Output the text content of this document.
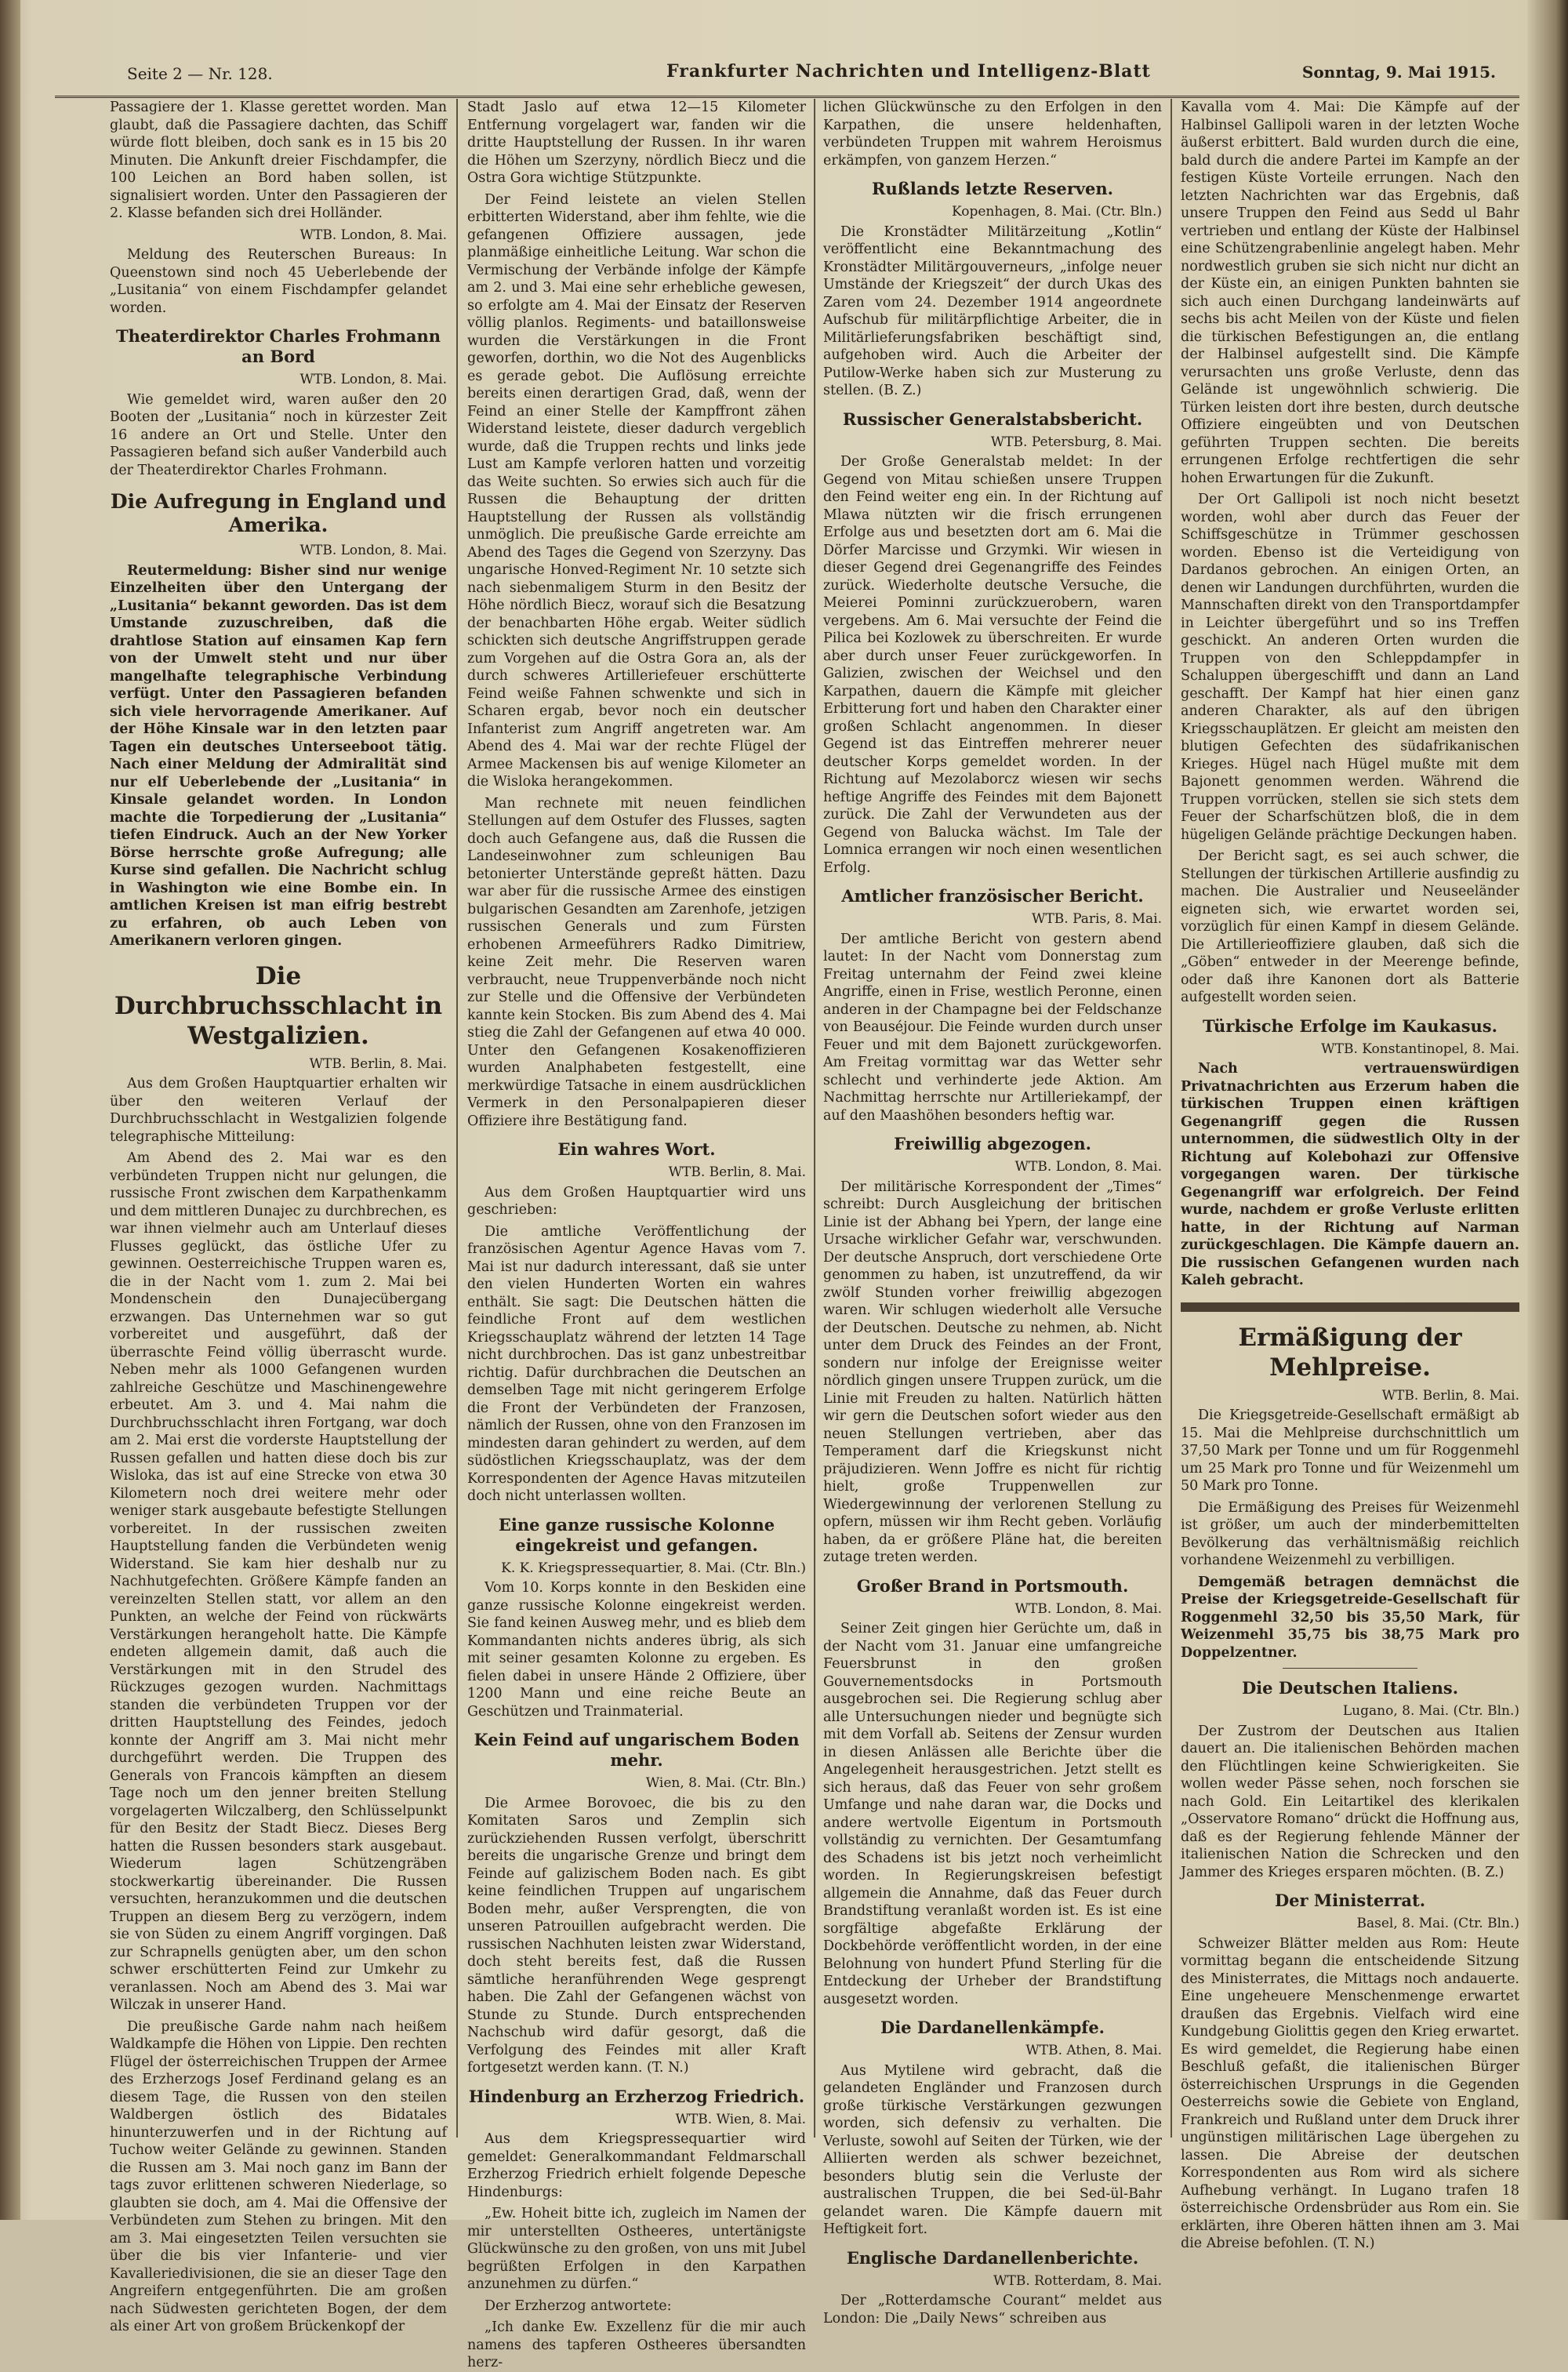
Seite 2 — Nr. 128.	Frankfurter Nachrichten und Intelligenz-Blatt	Sonntag, 9. Mai 1915.

Passagiere der 1. Klasse gerettet worden. Man glaubt, daß die Passagiere dachten, das Schiff würde flott bleiben, doch sank es in 15 bis 20 Minuten. Die Ankunft dreier Fischdampfer, die 100 Leichen an Bord haben sollen, ist signalisiert worden. Unter den Passagieren der 2. Klasse befanden sich drei Holländer.

WTB. London, 8. Mai.

Meldung des Reuterschen Bureaus: In Queenstown sind noch 45 Ueberlebende der „Lusitania“ von einem Fischdampfer gelandet worden.

Theaterdirektor Charles Frohmann an Bord
WTB. London, 8. Mai.

Wie gemeldet wird, waren außer den 20 Booten der „Lusitania“ noch in kürzester Zeit 16 andere an Ort und Stelle. Unter den Passagieren befand sich außer Vanderbild auch der Theaterdirektor Charles Frohmann.

Die Aufregung in England und Amerika.
WTB. London, 8. Mai.

Reutermeldung: Bisher sind nur wenige Einzelheiten über den Untergang der „Lusitania“ bekannt geworden. Das ist dem Umstande zuzuschreiben, daß die drahtlose Station auf einsamen Kap fern von der Umwelt steht und nur über mangelhafte telegraphische Verbindung verfügt. Unter den Passagieren befanden sich viele hervorragende Amerikaner. Auf der Höhe Kinsale war in den letzten paar Tagen ein deutsches Unterseeboot tätig. Nach einer Meldung der Admiralität sind nur elf Ueberlebende der „Lusitania“ in Kinsale gelandet worden. In London machte die Torpedierung der „Lusitania“ tiefen Eindruck. Auch an der New Yorker Börse herrschte große Aufregung; alle Kurse sind gefallen. Die Nachricht schlug in Washington wie eine Bombe ein. In amtlichen Kreisen ist man eifrig bestrebt zu erfahren, ob auch Leben von Amerikanern verloren gingen.

Die Durchbruchsschlacht in Westgalizien.
WTB. Berlin, 8. Mai.

Aus dem Großen Hauptquartier erhalten wir über den weiteren Verlauf der Durchbruchsschlacht in Westgalizien folgende telegraphische Mitteilung:

Am Abend des 2. Mai war es den verbündeten Truppen nicht nur gelungen, die russische Front zwischen dem Karpathenkamm und dem mittleren Dunajec zu durchbrechen, es war ihnen vielmehr auch am Unterlauf dieses Flusses geglückt, das östliche Ufer zu gewinnen. Oesterreichische Truppen waren es, die in der Nacht vom 1. zum 2. Mai bei Mondenschein den Dunajecübergang erzwangen. Das Unternehmen war so gut vorbereitet und ausgeführt, daß der überraschte Feind völlig überrascht wurde. Neben mehr als 1000 Gefangenen wurden zahlreiche Geschütze und Maschinengewehre erbeutet. Am 3. und 4. Mai nahm die Durchbruchsschlacht ihren Fortgang, war doch am 2. Mai erst die vorderste Hauptstellung der Russen gefallen und hatten diese doch bis zur Wisloka, das ist auf eine Strecke von etwa 30 Kilometern noch drei weitere mehr oder weniger stark ausgebaute befestigte Stellungen vorbereitet. In der russischen zweiten Hauptstellung fanden die Verbündeten wenig Widerstand. Sie kam hier deshalb nur zu Nachhutgefechten. Größere Kämpfe fanden an vereinzelten Stellen statt, vor allem an den Punkten, an welche der Feind von rückwärts Verstärkungen herangeholt hatte. Die Kämpfe endeten allgemein damit, daß auch die Verstärkungen mit in den Strudel des Rückzuges gezogen wurden. Nachmittags standen die verbündeten Truppen vor der dritten Hauptstellung des Feindes, jedoch konnte der Angriff am 3. Mai nicht mehr durchgeführt werden. Die Truppen des Generals von Francois kämpften an diesem Tage noch um den jenner breiten Stellung vorgelagerten Wilczalberg, den Schlüsselpunkt für den Besitz der Stadt Biecz. Dieses Berg hatten die Russen besonders stark ausgebaut. Wiederum lagen Schützengräben stockwerkartig übereinander. Die Russen versuchten, heranzukommen und die deutschen Truppen an diesem Berg zu verzögern, indem sie von Süden zu einem Angriff vorgingen. Daß zur Schrapnells genügten aber, um den schon schwer erschütterten Feind zur Umkehr zu veranlassen. Noch am Abend des 3. Mai war Wilczak in unserer Hand.

Die preußische Garde nahm nach heißem Waldkampfe die Höhen von Lippie. Den rechten Flügel der österreichischen Truppen der Armee des Erzherzogs Josef Ferdinand gelang es an diesem Tage, die Russen von den steilen Waldbergen östlich des Bidatales hinunterzuwerfen und in der Richtung auf Tuchow weiter Gelände zu gewinnen. Standen die Russen am 3. Mai noch ganz im Bann der tags zuvor erlittenen schweren Niederlage, so glaubten sie doch, am 4. Mai die Offensive der Verbündeten zum Stehen zu bringen. Mit den am 3. Mai eingesetzten Teilen versuchten sie über die bis vier Infanterie- und vier Kavalleriedivisionen, die sie an dieser Tage den Angreifern entgegenführten. Die am großen nach Südwesten gerichteten Bogen, der dem als einer Art von großem Brückenkopf der

Stadt Jaslo auf etwa 12—15 Kilometer Entfernung vorgelagert war, fanden wir die dritte Hauptstellung der Russen. In ihr waren die Höhen um Szerzyny, nördlich Biecz und die Ostra Gora wichtige Stützpunkte.

Der Feind leistete an vielen Stellen erbitterten Widerstand, aber ihm fehlte, wie die gefangenen Offiziere aussagen, jede planmäßige einheitliche Leitung. War schon die Vermischung der Verbände infolge der Kämpfe am 2. und 3. Mai eine sehr erhebliche gewesen, so erfolgte am 4. Mai der Einsatz der Reserven völlig planlos. Regiments- und bataillonsweise wurden die Verstärkungen in die Front geworfen, dorthin, wo die Not des Augenblicks es gerade gebot. Die Auflösung erreichte bereits einen derartigen Grad, daß, wenn der Feind an einer Stelle der Kampffront zähen Widerstand leistete, dieser dadurch vergeblich wurde, daß die Truppen rechts und links jede Lust am Kampfe verloren hatten und vorzeitig das Weite suchten. So erwies sich auch für die Russen die Behauptung der dritten Hauptstellung der Russen als vollständig unmöglich. Die preußische Garde erreichte am Abend des Tages die Gegend von Szerzyny. Das ungarische Honved-Regiment Nr. 10 setzte sich nach siebenmaligem Sturm in den Besitz der Höhe nördlich Biecz, worauf sich die Besatzung der benachbarten Höhe ergab. Weiter südlich schickten sich deutsche Angriffstruppen gerade zum Vorgehen auf die Ostra Gora an, als der durch schweres Artilleriefeuer erschütterte Feind weiße Fahnen schwenkte und sich in Scharen ergab, bevor noch ein deutscher Infanterist zum Angriff angetreten war. Am Abend des 4. Mai war der rechte Flügel der Armee Mackensen bis auf wenige Kilometer an die Wisloka herangekommen.

Man rechnete mit neuen feindlichen Stellungen auf dem Ostufer des Flusses, sagten doch auch Gefangene aus, daß die Russen die Landeseinwohner zum schleunigen Bau betonierter Unterstände gepreßt hätten. Dazu war aber für die russische Armee des einstigen bulgarischen Gesandten am Zarenhofe, jetzigen russischen Generals und zum Fürsten erhobenen Armeeführers Radko Dimitriew, keine Zeit mehr. Die Reserven waren verbraucht, neue Truppenverbände noch nicht zur Stelle und die Offensive der Verbündeten kannte kein Stocken. Bis zum Abend des 4. Mai stieg die Zahl der Gefangenen auf etwa 40 000. Unter den Gefangenen Kosakenoffizieren wurden Analphabeten festgestellt, eine merkwürdige Tatsache in einem ausdrücklichen Vermerk in den Personalpapieren dieser Offiziere ihre Bestätigung fand.

Ein wahres Wort.
WTB. Berlin, 8. Mai.

Aus dem Großen Hauptquartier wird uns geschrieben:

Die amtliche Veröffentlichung der französischen Agentur Agence Havas vom 7. Mai ist nur dadurch interessant, daß sie unter den vielen Hunderten Worten ein wahres enthält. Sie sagt: Die Deutschen hätten die feindliche Front auf dem westlichen Kriegsschauplatz während der letzten 14 Tage nicht durchbrochen. Das ist ganz unbestreitbar richtig. Dafür durchbrachen die Deutschen an demselben Tage mit nicht geringerem Erfolge die Front der Verbündeten der Franzosen, nämlich der Russen, ohne von den Franzosen im mindesten daran gehindert zu werden, auf dem südöstlichen Kriegsschauplatz, was der dem Korrespondenten der Agence Havas mitzuteilen doch nicht unterlassen wollten.

Eine ganze russische Kolonne eingekreist und gefangen.
K. K. Kriegspressequartier, 8. Mai. (Ctr. Bln.)

Vom 10. Korps konnte in den Beskiden eine ganze russische Kolonne eingekreist werden. Sie fand keinen Ausweg mehr, und es blieb dem Kommandanten nichts anderes übrig, als sich mit seiner gesamten Kolonne zu ergeben. Es fielen dabei in unsere Hände 2 Offiziere, über 1200 Mann und eine reiche Beute an Geschützen und Trainmaterial.

Kein Feind auf ungarischem Boden mehr.
Wien, 8. Mai. (Ctr. Bln.)

Die Armee Borovoec, die bis zu den Komitaten Saros und Zemplin sich zurückziehenden Russen verfolgt, überschritt bereits die ungarische Grenze und bringt dem Feinde auf galizischem Boden nach. Es gibt keine feindlichen Truppen auf ungarischem Boden mehr, außer Versprengten, die von unseren Patrouillen aufgebracht werden. Die russischen Nachhuten leisten zwar Widerstand, doch steht bereits fest, daß die Russen sämtliche heranführenden Wege gesprengt haben. Die Zahl der Gefangenen wächst von Stunde zu Stunde. Durch entsprechenden Nachschub wird dafür gesorgt, daß die Verfolgung des Feindes mit aller Kraft fortgesetzt werden kann. (T. N.)

Hindenburg an Erzherzog Friedrich.
WTB. Wien, 8. Mai.

Aus dem Kriegspressequartier wird gemeldet: Generalkommandant Feldmarschall Erzherzog Friedrich erhielt folgende Depesche Hindenburgs:

„Ew. Hoheit bitte ich, zugleich im Namen der mir unterstellten Ostheeres, untertänigste Glückwünsche zu den großen, von uns mit Jubel begrüßten Erfolgen in den Karpathen anzunehmen zu dürfen.“

Der Erzherzog antwortete:

„Ich danke Ew. Exzellenz für die mir auch namens des tapferen Ostheeres übersandten herz-

lichen Glückwünsche zu den Erfolgen in den Karpathen, die unsere heldenhaften, verbündeten Truppen mit wahrem Heroismus erkämpfen, von ganzem Herzen.“

Rußlands letzte Reserven.
Kopenhagen, 8. Mai. (Ctr. Bln.)

Die Kronstädter Militärzeitung „Kotlin“ veröffentlicht eine Bekanntmachung des Kronstädter Militärgouverneurs, „infolge neuer Umstände der Kriegszeit“ der durch Ukas des Zaren vom 24. Dezember 1914 angeordnete Aufschub für militärpflichtige Arbeiter, die in Militärlieferungsfabriken beschäftigt sind, aufgehoben wird. Auch die Arbeiter der Putilow-Werke haben sich zur Musterung zu stellen. (B. Z.)

Russischer Generalstabsbericht.
WTB. Petersburg, 8. Mai.

Der Große Generalstab meldet: In der Gegend von Mitau schießen unsere Truppen den Feind weiter eng ein. In der Richtung auf Mlawa nützten wir die frisch errungenen Erfolge aus und besetzten dort am 6. Mai die Dörfer Marcisse und Grzymki. Wir wiesen in dieser Gegend drei Gegenangriffe des Feindes zurück. Wiederholte deutsche Versuche, die Meierei Pominni zurückzuerobern, waren vergebens. Am 6. Mai versuchte der Feind die Pilica bei Kozlowek zu überschreiten. Er wurde aber durch unser Feuer zurückgeworfen. In Galizien, zwischen der Weichsel und den Karpathen, dauern die Kämpfe mit gleicher Erbitterung fort und haben den Charakter einer großen Schlacht angenommen. In dieser Gegend ist das Eintreffen mehrerer neuer deutscher Korps gemeldet worden. In der Richtung auf Mezolaborcz wiesen wir sechs heftige Angriffe des Feindes mit dem Bajonett zurück. Die Zahl der Verwundeten aus der Gegend von Balucka wächst. Im Tale der Lomnica errangen wir noch einen wesentlichen Erfolg.

Amtlicher französischer Bericht.
WTB. Paris, 8. Mai.

Der amtliche Bericht von gestern abend lautet: In der Nacht vom Donnerstag zum Freitag unternahm der Feind zwei kleine Angriffe, einen in Frise, westlich Peronne, einen anderen in der Champagne bei der Feldschanze von Beauséjour. Die Feinde wurden durch unser Feuer und mit dem Bajonett zurückgeworfen. Am Freitag vormittag war das Wetter sehr schlecht und verhinderte jede Aktion. Am Nachmittag herrschte nur Artilleriekampf, der auf den Maashöhen besonders heftig war.

Freiwillig abgezogen.
WTB. London, 8. Mai.

Der militärische Korrespondent der „Times“ schreibt: Durch Ausgleichung der britischen Linie ist der Abhang bei Ypern, der lange eine Ursache wirklicher Gefahr war, verschwunden. Der deutsche Anspruch, dort verschiedene Orte genommen zu haben, ist unzutreffend, da wir zwölf Stunden vorher freiwillig abgezogen waren. Wir schlugen wiederholt alle Versuche der Deutschen. Deutsche zu nehmen, ab. Nicht unter dem Druck des Feindes an der Front, sondern nur infolge der Ereignisse weiter nördlich gingen unsere Truppen zurück, um die Linie mit Freuden zu halten. Natürlich hätten wir gern die Deutschen sofort wieder aus den neuen Stellungen vertrieben, aber das Temperament darf die Kriegskunst nicht präjudizieren. Wenn Joffre es nicht für richtig hielt, große Truppenwellen zur Wiedergewinnung der verlorenen Stellung zu opfern, müssen wir ihm Recht geben. Vorläufig haben, da er größere Pläne hat, die bereiten zutage treten werden.

Großer Brand in Portsmouth.
WTB. London, 8. Mai.

Seiner Zeit gingen hier Gerüchte um, daß in der Nacht vom 31. Januar eine umfangreiche Feuersbrunst in den großen Gouvernementsdocks in Portsmouth ausgebrochen sei. Die Regierung schlug aber alle Untersuchungen nieder und begnügte sich mit dem Vorfall ab. Seitens der Zensur wurden in diesen Anlässen alle Berichte über die Angelegenheit herausgestrichen. Jetzt stellt es sich heraus, daß das Feuer von sehr großem Umfange und nahe daran war, die Docks und andere wertvolle Eigentum in Portsmouth vollständig zu vernichten. Der Gesamtumfang des Schadens ist bis jetzt noch verheimlicht worden. In Regierungskreisen befestigt allgemein die Annahme, daß das Feuer durch Brandstiftung veranlaßt worden ist. Es ist eine sorgfältige abgefaßte Erklärung der Dockbehörde veröffentlicht worden, in der eine Belohnung von hundert Pfund Sterling für die Entdeckung der Urheber der Brandstiftung ausgesetzt worden.

Die Dardanellenkämpfe.
WTB. Athen, 8. Mai.

Aus Mytilene wird gebracht, daß die gelandeten Engländer und Franzosen durch große türkische Verstärkungen gezwungen worden, sich defensiv zu verhalten. Die Verluste, sowohl auf Seiten der Türken, wie der Alliierten werden als schwer bezeichnet, besonders blutig sein die Verluste der australischen Truppen, die bei Sed-ül-Bahr gelandet waren. Die Kämpfe dauern mit Heftigkeit fort.

Englische Dardanellenberichte.
WTB. Rotterdam, 8. Mai.

Der „Rotterdamsche Courant“ meldet aus London: Die „Daily News“ schreiben aus

Kavalla vom 4. Mai: Die Kämpfe auf der Halbinsel Gallipoli waren in der letzten Woche äußerst erbittert. Bald wurden durch die eine, bald durch die andere Partei im Kampfe an der festigen Küste Vorteile errungen. Nach den letzten Nachrichten war das Ergebnis, daß unsere Truppen den Feind aus Sedd ul Bahr vertrieben und entlang der Küste der Halbinsel eine Schützengrabenlinie angelegt haben. Mehr nordwestlich gruben sie sich nicht nur dicht an der Küste ein, an einigen Punkten bahnten sie sich auch einen Durchgang landeinwärts auf sechs bis acht Meilen von der Küste und fielen die türkischen Befestigungen an, die entlang der Halbinsel aufgestellt sind. Die Kämpfe verursachten uns große Verluste, denn das Gelände ist ungewöhnlich schwierig. Die Türken leisten dort ihre besten, durch deutsche Offiziere eingeübten und von Deutschen geführten Truppen sechten. Die bereits errungenen Erfolge rechtfertigen die sehr hohen Erwartungen für die Zukunft.

Der Ort Gallipoli ist noch nicht besetzt worden, wohl aber durch das Feuer der Schiffsgeschütze in Trümmer geschossen worden. Ebenso ist die Verteidigung von Dardanos gebrochen. An einigen Orten, an denen wir Landungen durchführten, wurden die Mannschaften direkt von den Transportdampfer in Leichter übergeführt und so ins Treffen geschickt. An anderen Orten wurden die Truppen von den Schleppdampfer in Schaluppen übergeschifft und dann an Land geschafft. Der Kampf hat hier einen ganz anderen Charakter, als auf den übrigen Kriegsschauplätzen. Er gleicht am meisten den blutigen Gefechten des südafrikanischen Krieges. Hügel nach Hügel mußte mit dem Bajonett genommen werden. Während die Truppen vorrücken, stellen sie sich stets dem Feuer der Scharfschützen bloß, die in dem hügeligen Gelände prächtige Deckungen haben.

Der Bericht sagt, es sei auch schwer, die Stellungen der türkischen Artillerie ausfindig zu machen. Die Australier und Neuseeländer eigneten sich, wie erwartet worden sei, vorzüglich für einen Kampf in diesem Gelände. Die Artillerieoffiziere glauben, daß sich die „Göben“ entweder in der Meerenge befinde, oder daß ihre Kanonen dort als Batterie aufgestellt worden seien.

Türkische Erfolge im Kaukasus.
WTB. Konstantinopel, 8. Mai.

Nach vertrauenswürdigen Privatnachrichten aus Erzerum haben die türkischen Truppen einen kräftigen Gegenangriff gegen die Russen unternommen, die südwestlich Olty in der Richtung auf Kolebohazi zur Offensive vorgegangen waren. Der türkische Gegenangriff war erfolgreich. Der Feind wurde, nachdem er große Verluste erlitten hatte, in der Richtung auf Narman zurückgeschlagen. Die Kämpfe dauern an. Die russischen Gefangenen wurden nach Kaleh gebracht.

Ermäßigung der Mehlpreise.
WTB. Berlin, 8. Mai.

Die Kriegsgetreide-Gesellschaft ermäßigt ab 15. Mai die Mehlpreise durchschnittlich um 37,50 Mark per Tonne und um für Roggenmehl um 25 Mark pro Tonne und für Weizenmehl um 50 Mark pro Tonne.

Die Ermäßigung des Preises für Weizenmehl ist größer, um auch der minderbemittelten Bevölkerung das verhältnismäßig reichlich vorhandene Weizenmehl zu verbilligen.

Demgemäß betragen demnächst die Preise der Kriegsgetreide-Gesellschaft für Roggenmehl 32,50 bis 35,50 Mark, für Weizenmehl 35,75 bis 38,75 Mark pro Doppelzentner.

Die Deutschen Italiens.
Lugano, 8. Mai. (Ctr. Bln.)

Der Zustrom der Deutschen aus Italien dauert an. Die italienischen Behörden machen den Flüchtlingen keine Schwierigkeiten. Sie wollen weder Pässe sehen, noch forschen sie nach Gold. Ein Leitartikel des klerikalen „Osservatore Romano“ drückt die Hoffnung aus, daß es der Regierung fehlende Männer der italienischen Nation die Schrecken und den Jammer des Krieges ersparen möchten. (B. Z.)

Der Ministerrat.
Basel, 8. Mai. (Ctr. Bln.)

Schweizer Blätter melden aus Rom: Heute vormittag begann die entscheidende Sitzung des Ministerrates, die Mittags noch andauerte. Eine ungeheuere Menschenmenge erwartet draußen das Ergebnis. Vielfach wird eine Kundgebung Giolittis gegen den Krieg erwartet. Es wird gemeldet, die Regierung habe einen Beschluß gefaßt, die italienischen Bürger österreichischen Ursprungs in die Gegenden Oesterreichs sowie die Gebiete von England, Frankreich und Rußland unter dem Druck ihrer ungünstigen militärischen Lage übergehen zu lassen. Die Abreise der deutschen Korrespondenten aus Rom wird als sichere Aufhebung verhängt. In Lugano trafen 18 österreichische Ordensbrüder aus Rom ein. Sie erklärten, ihre Oberen hätten ihnen am 3. Mai die Abreise befohlen. (T. N.)
